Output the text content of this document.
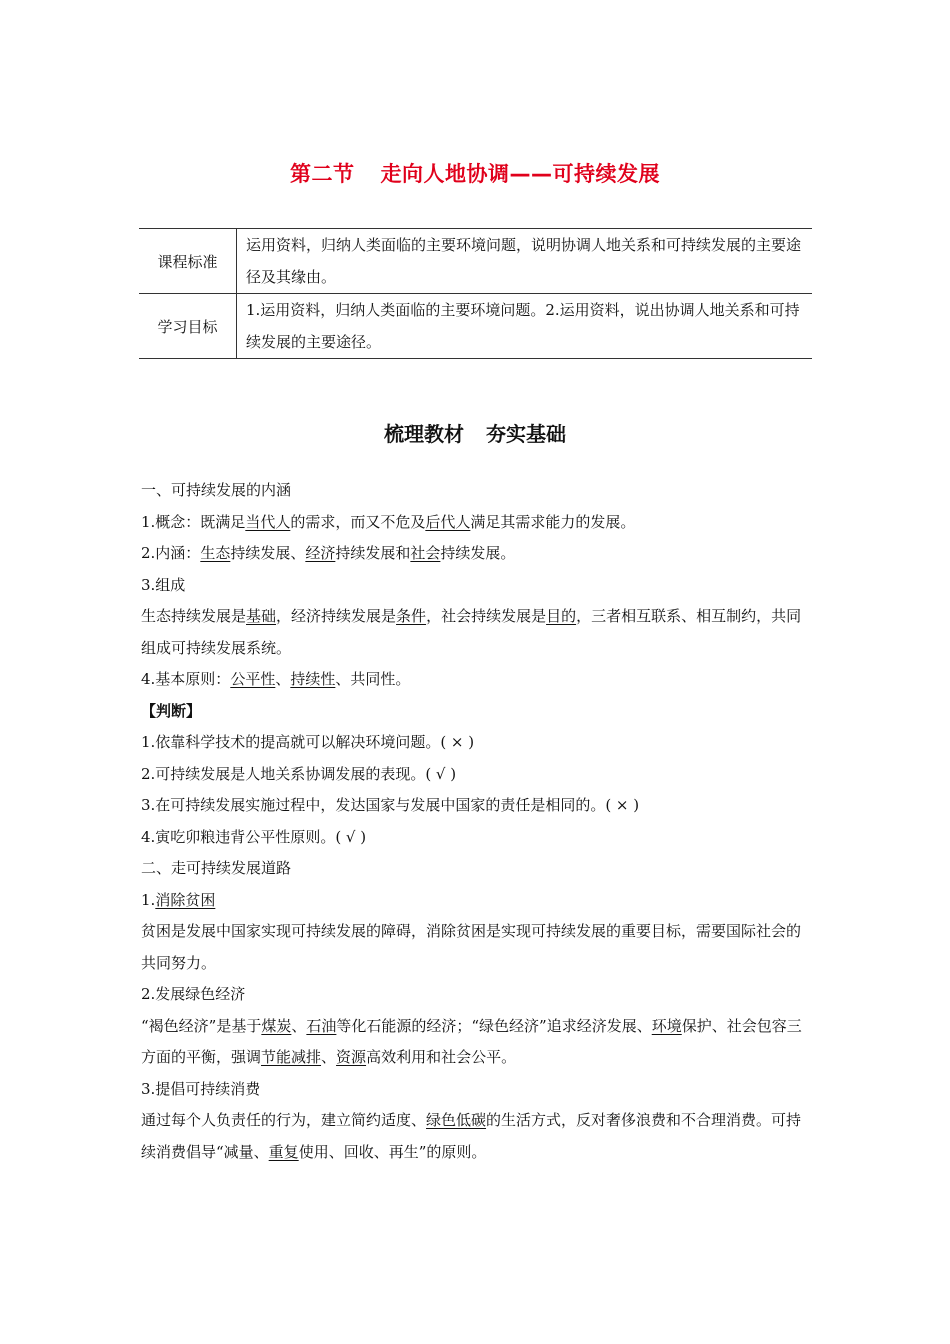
第二节 走向人地协调——可持续发展
课程标准	运用资料，归纳人类面临的主要环境问题，说明协调人地关系和可持续发展的主要途径及其缘由。
学习目标	1.运用资料，归纳人类面临的主要环境问题。2.运用资料，说出协调人地关系和可持续发展的主要途径。
梳理教材 夯实基础

一、可持续发展的内涵

1.概念：既满足当代人的需求，而又不危及后代人满足其需求能力的发展。

2.内涵：生态持续发展、经济持续发展和社会持续发展。

3.组成

生态持续发展是基础，经济持续发展是条件，社会持续发展是目的，三者相互联系、相互制约，共同组成可持续发展系统。

4.基本原则：公平性、持续性、共同性。

【判断】

1.依靠科学技术的提高就可以解决环境问题。( × )

2.可持续发展是人地关系协调发展的表现。( √ )

3.在可持续发展实施过程中，发达国家与发展中国家的责任是相同的。( × )

4.寅吃卯粮违背公平性原则。( √ )

二、走可持续发展道路

1.消除贫困

贫困是发展中国家实现可持续发展的障碍，消除贫困是实现可持续发展的重要目标，需要国际社会的共同努力。

2.发展绿色经济

“褐色经济”是基于煤炭、石油等化石能源的经济；“绿色经济”追求经济发展、环境保护、社会包容三方面的平衡，强调节能减排、资源高效利用和社会公平。

3.提倡可持续消费

通过每个人负责任的行为，建立简约适度、绿色低碳的生活方式，反对奢侈浪费和不合理消费。可持续消费倡导“减量、重复使用、回收、再生”的原则。
